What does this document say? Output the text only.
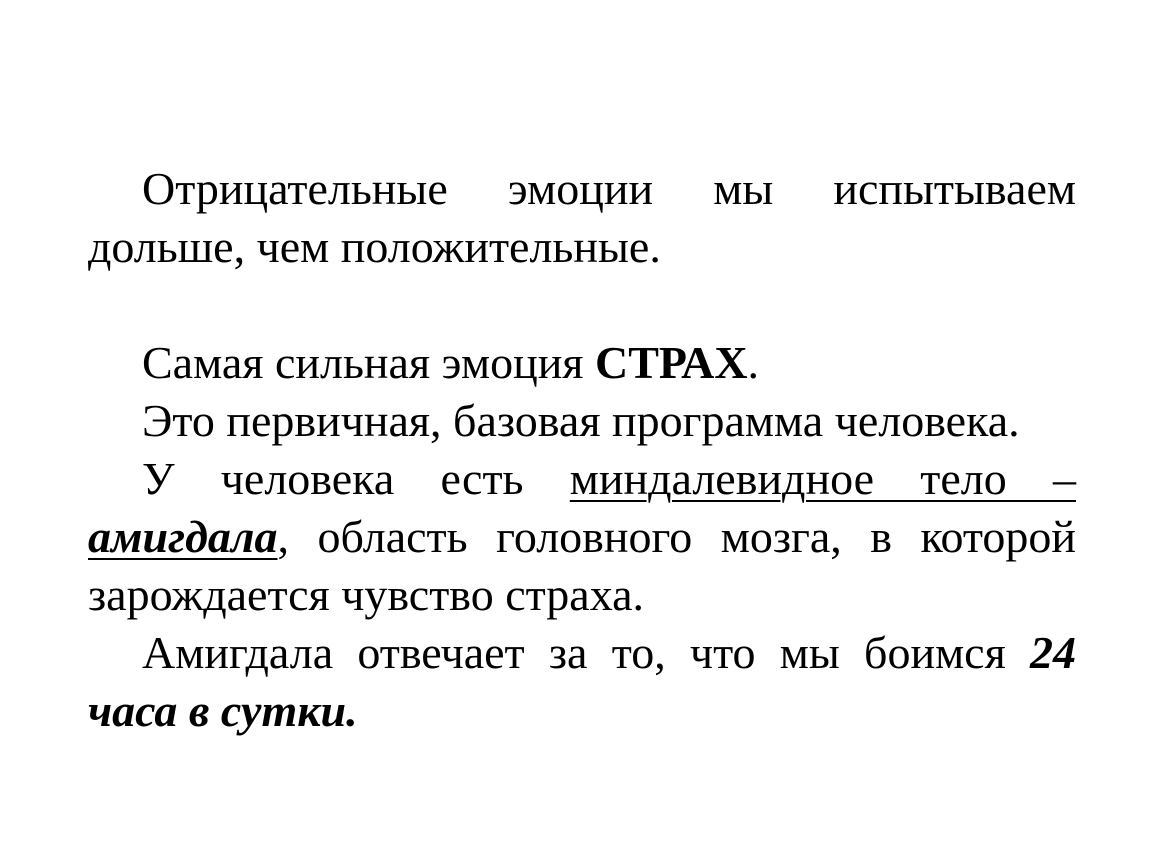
Отрицательные эмоции мы испытываем дольше, чем положительные.

Самая сильная эмоция СТРАХ.

Это первичная, базовая программа человека.

У человека есть миндалевидное тело – амигдала, область головного мозга, в которой зарождается чувство страха.

Амигдала отвечает за то, что мы боимся 24 часа в сутки.
